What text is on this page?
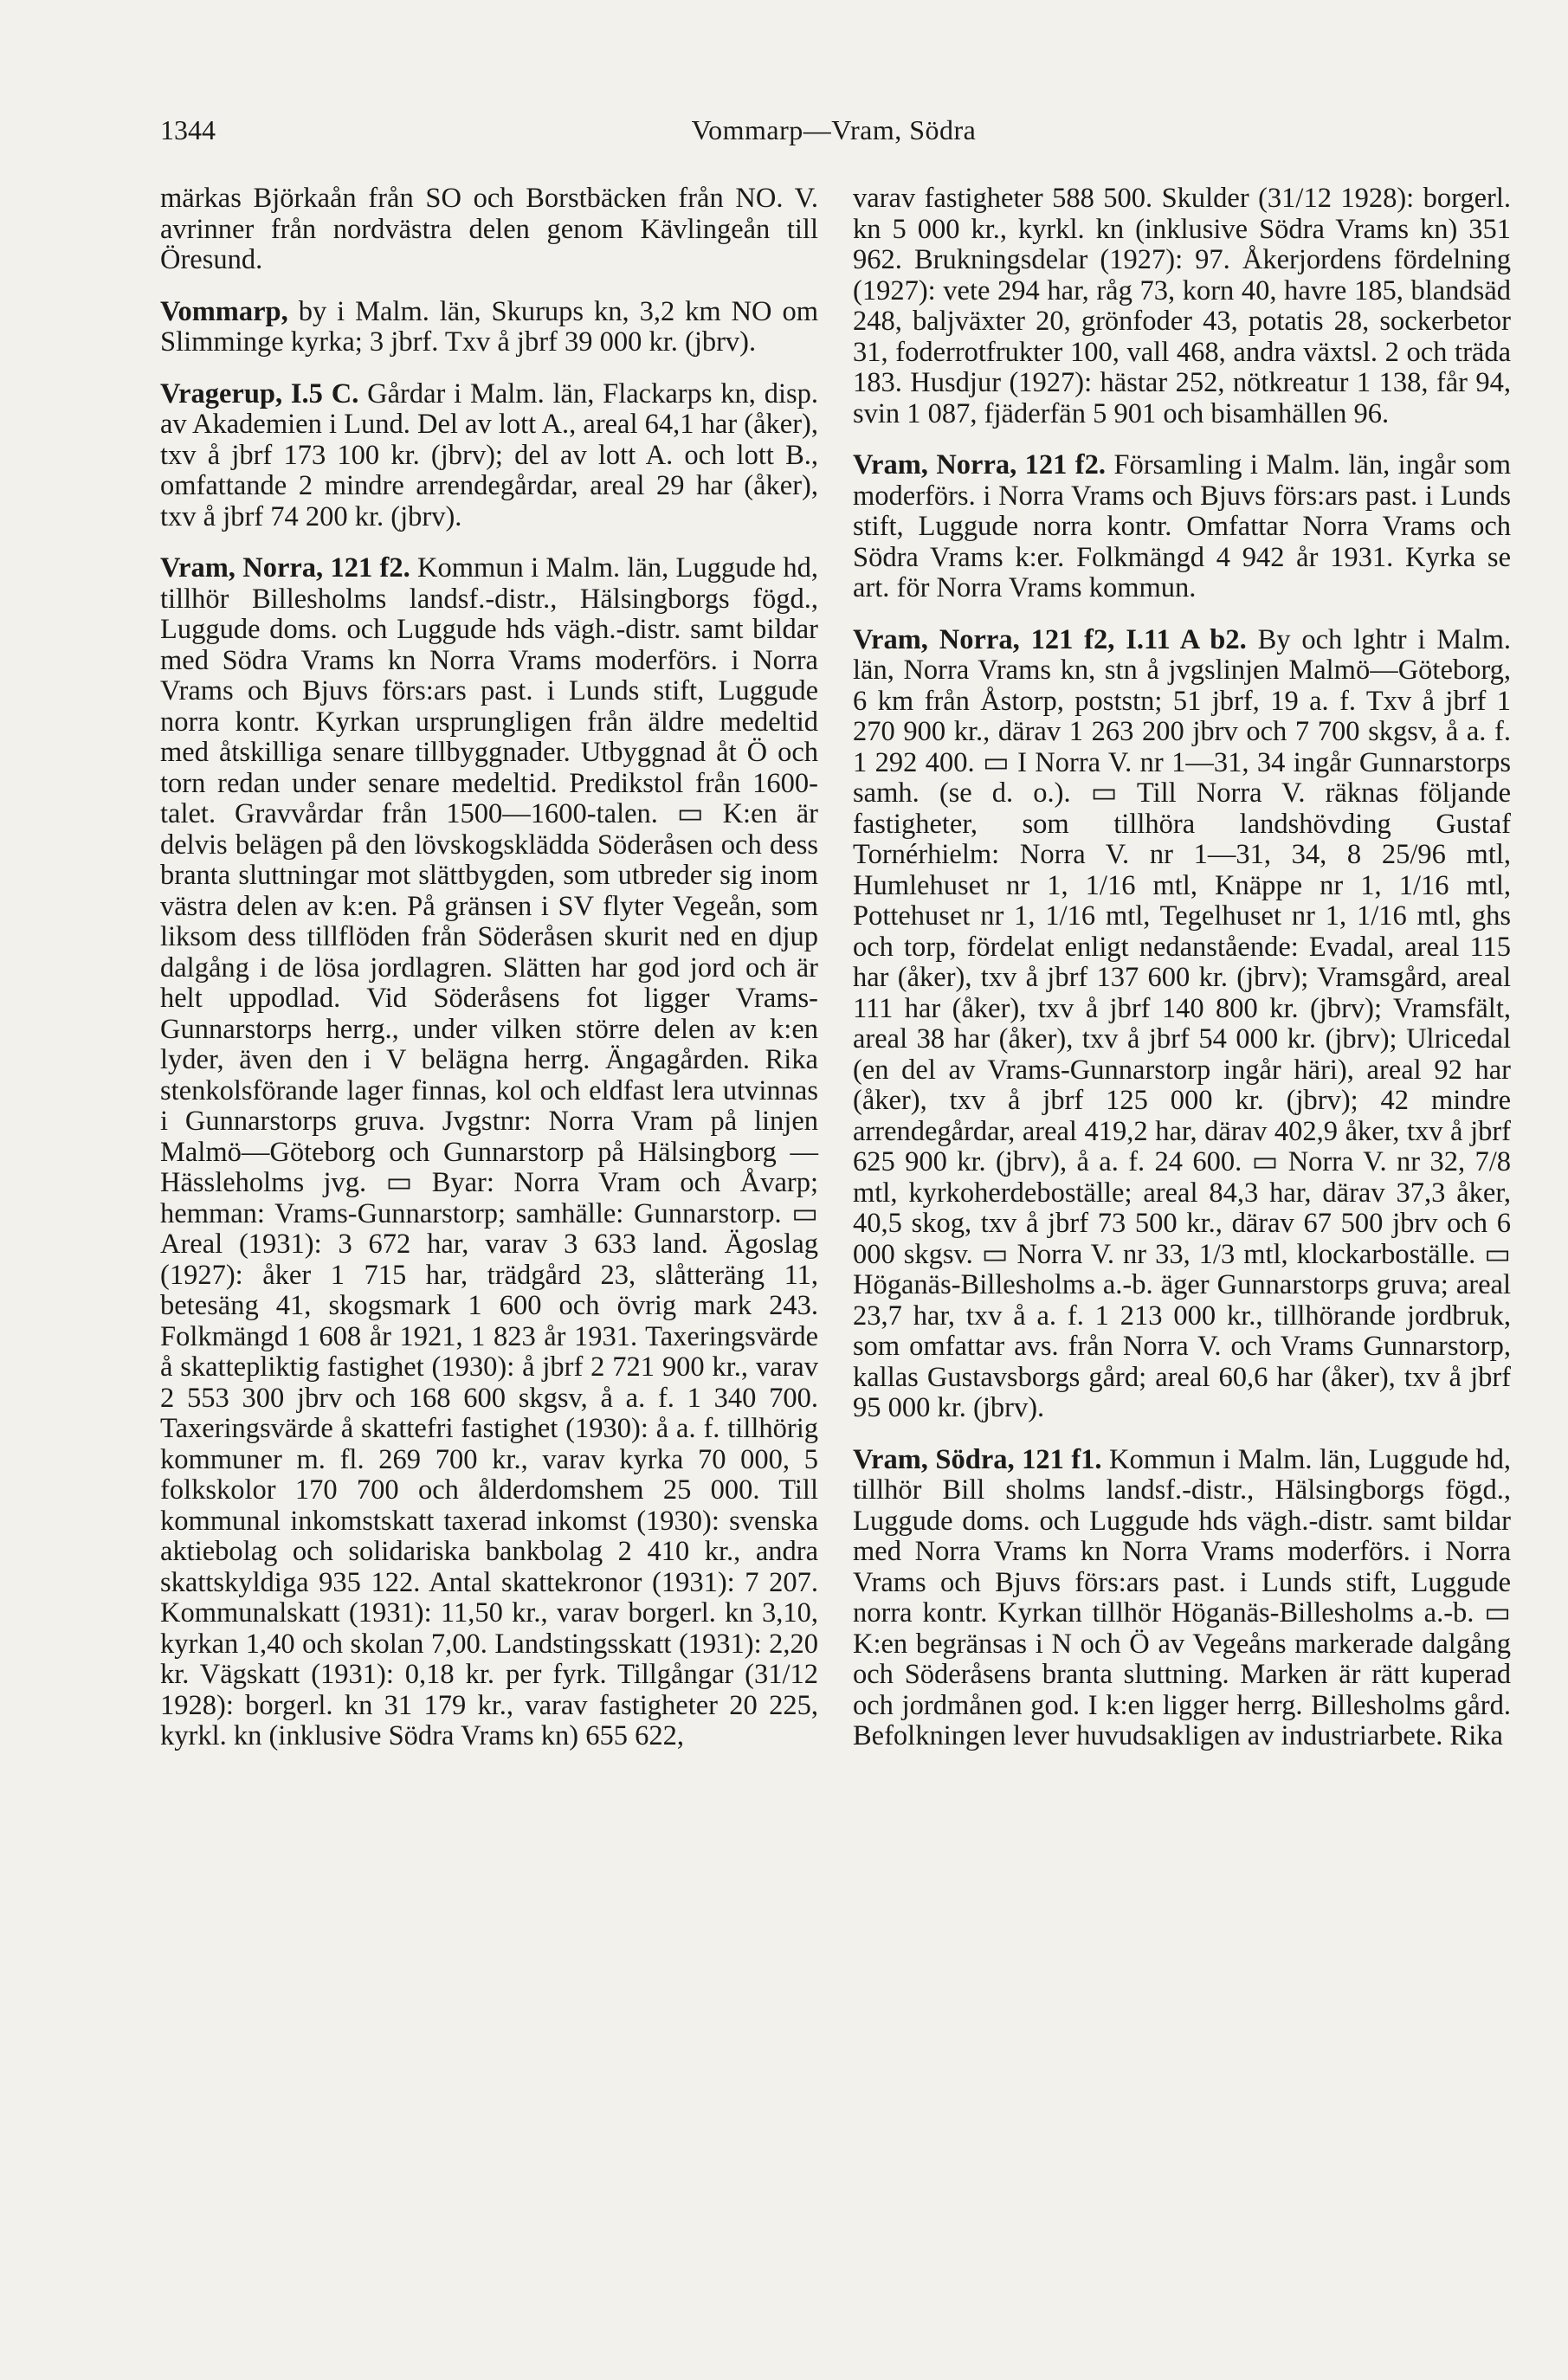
1344	Vommarp—Vram, Södra

märkas Björkaån från SO och Borstbäcken från NO. V. avrinner från nordvästra delen genom Kävlingeån till Öresund.

Vommarp, by i Malm. län, Skurups kn, 3,2 km NO om Slimminge kyrka; 3 jbrf. Txv å jbrf 39 000 kr. (jbrv).

Vragerup, I.5 C. Gårdar i Malm. län, Flackarps kn, disp. av Akademien i Lund. Del av lott A., areal 64,1 har (åker), txv å jbrf 173 100 kr. (jbrv); del av lott A. och lott B., omfattande 2 mindre arrendegårdar, areal 29 har (åker), txv å jbrf 74 200 kr. (jbrv).

Vram, Norra, 121 f2. Kommun i Malm. län, Luggude hd, tillhör Billesholms landsf.-distr., Hälsingborgs fögd., Luggude doms. och Luggude hds vägh.-distr. samt bildar med Södra Vrams kn Norra Vrams moderförs. i Norra Vrams och Bjuvs förs:ars past. i Lunds stift, Luggude norra kontr. Kyrkan ursprungligen från äldre medeltid med åtskilliga senare tillbyggnader. Utbyggnad åt Ö och torn redan under senare medeltid. Predikstol från 1600-talet. Gravvårdar från 1500—1600-talen. ▭ K:en är delvis belägen på den lövskogsklädda Söderåsen och dess branta sluttningar mot slättbygden, som utbreder sig inom västra delen av k:en. På gränsen i SV flyter Vegeån, som liksom dess tillflöden från Söderåsen skurit ned en djup dalgång i de lösa jordlagren. Slätten har god jord och är helt uppodlad. Vid Söderåsens fot ligger Vrams-Gunnarstorps herrg., under vilken större delen av k:en lyder, även den i V belägna herrg. Ängagården. Rika stenkolsförande lager finnas, kol och eldfast lera utvinnas i Gunnarstorps gruva. Jvgstnr: Norra Vram på linjen Malmö—Göteborg och Gunnarstorp på Hälsingborg — Hässleholms jvg. ▭ Byar: Norra Vram och Åvarp; hemman: Vrams-Gunnarstorp; samhälle: Gunnarstorp. ▭ Areal (1931): 3 672 har, varav 3 633 land. Ägoslag (1927): åker 1 715 har, trädgård 23, slåtteräng 11, betesäng 41, skogsmark 1 600 och övrig mark 243. Folkmängd 1 608 år 1921, 1 823 år 1931. Taxeringsvärde å skattepliktig fastighet (1930): å jbrf 2 721 900 kr., varav 2 553 300 jbrv och 168 600 skgsv, å a. f. 1 340 700. Taxeringsvärde å skattefri fastighet (1930): å a. f. tillhörig kommuner m. fl. 269 700 kr., varav kyrka 70 000, 5 folkskolor 170 700 och ålderdomshem 25 000. Till kommunal inkomstskatt taxerad inkomst (1930): svenska aktiebolag och solidariska bankbolag 2 410 kr., andra skattskyldiga 935 122. Antal skattekronor (1931): 7 207. Kommunalskatt (1931): 11,50 kr., varav borgerl. kn 3,10, kyrkan 1,40 och skolan 7,00. Landstingsskatt (1931): 2,20 kr. Vägskatt (1931): 0,18 kr. per fyrk. Tillgångar (31/12 1928): borgerl. kn 31 179 kr., varav fastigheter 20 225, kyrkl. kn (inklusive Södra Vrams kn) 655 622,

varav fastigheter 588 500. Skulder (31/12 1928): borgerl. kn 5 000 kr., kyrkl. kn (inklusive Södra Vrams kn) 351 962. Brukningsdelar (1927): 97. Åkerjordens fördelning (1927): vete 294 har, råg 73, korn 40, havre 185, blandsäd 248, baljväxter 20, grönfoder 43, potatis 28, sockerbetor 31, foderrotfrukter 100, vall 468, andra växtsl. 2 och träda 183. Husdjur (1927): hästar 252, nötkreatur 1 138, får 94, svin 1 087, fjäderfän 5 901 och bisamhällen 96.

Vram, Norra, 121 f2. Församling i Malm. län, ingår som moderförs. i Norra Vrams och Bjuvs förs:ars past. i Lunds stift, Luggude norra kontr. Omfattar Norra Vrams och Södra Vrams k:er. Folkmängd 4 942 år 1931. Kyrka se art. för Norra Vrams kommun.

Vram, Norra, 121 f2, I.11 A b2. By och lghtr i Malm. län, Norra Vrams kn, stn å jvgslinjen Malmö—Göteborg, 6 km från Åstorp, poststn; 51 jbrf, 19 a. f. Txv å jbrf 1 270 900 kr., därav 1 263 200 jbrv och 7 700 skgsv, å a. f. 1 292 400. ▭ I Norra V. nr 1—31, 34 ingår Gunnarstorps samh. (se d. o.). ▭ Till Norra V. räknas följande fastigheter, som tillhöra landshövding Gustaf Tornérhielm: Norra V. nr 1—31, 34, 8 25/96 mtl, Humlehuset nr 1, 1/16 mtl, Knäppe nr 1, 1/16 mtl, Pottehuset nr 1, 1/16 mtl, Tegelhuset nr 1, 1/16 mtl, ghs och torp, fördelat enligt nedanstående: Evadal, areal 115 har (åker), txv å jbrf 137 600 kr. (jbrv); Vramsgård, areal 111 har (åker), txv å jbrf 140 800 kr. (jbrv); Vramsfält, areal 38 har (åker), txv å jbrf 54 000 kr. (jbrv); Ulricedal (en del av Vrams-Gunnarstorp ingår häri), areal 92 har (åker), txv å jbrf 125 000 kr. (jbrv); 42 mindre arrendegårdar, areal 419,2 har, därav 402,9 åker, txv å jbrf 625 900 kr. (jbrv), å a. f. 24 600. ▭ Norra V. nr 32, 7/8 mtl, kyrkoherdeboställe; areal 84,3 har, därav 37,3 åker, 40,5 skog, txv å jbrf 73 500 kr., därav 67 500 jbrv och 6 000 skgsv. ▭ Norra V. nr 33, 1/3 mtl, klockarboställe. ▭ Höganäs-Billesholms a.-b. äger Gunnarstorps gruva; areal 23,7 har, txv å a. f. 1 213 000 kr., tillhörande jordbruk, som omfattar avs. från Norra V. och Vrams Gunnarstorp, kallas Gustavsborgs gård; areal 60,6 har (åker), txv å jbrf 95 000 kr. (jbrv).

Vram, Södra, 121 f1. Kommun i Malm. län, Luggude hd, tillhör Bill sholms landsf.-distr., Hälsingborgs fögd., Luggude doms. och Luggude hds vägh.-distr. samt bildar med Norra Vrams kn Norra Vrams moderförs. i Norra Vrams och Bjuvs förs:ars past. i Lunds stift, Luggude norra kontr. Kyrkan tillhör Höganäs-Billesholms a.-b. ▭ K:en begränsas i N och Ö av Vegeåns markerade dalgång och Söderåsens branta sluttning. Marken är rätt kuperad och jordmånen god. I k:en ligger herrg. Billesholms gård. Befolkningen lever huvudsakligen av industriarbete. Rika
